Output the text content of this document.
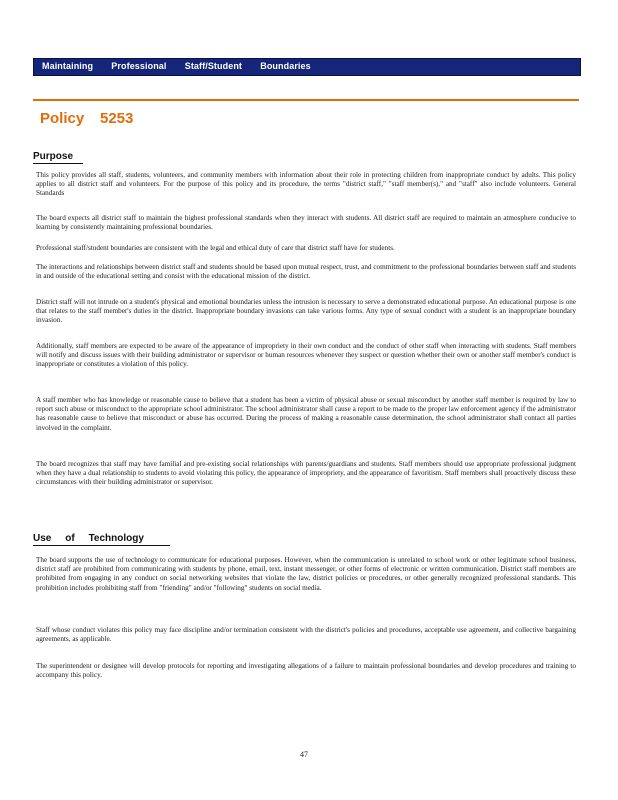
Maintaining       Professional       Staff/Student       Boundaries
Policy 5253
Purpose

This policy provides all staff, students, volunteers, and community members with information about their role in protecting children from inappropriate conduct by adults. This policy applies to all district staff and volunteers. For the purpose of this policy and its procedure, the terms "district staff," "staff member(s)," and "staff" also include volunteers. General Standards

The board expects all district staff to maintain the highest professional standards when they interact with students. All district staff are required to maintain an atmosphere conducive to learning by consistently maintaining professional boundaries.

Professional staff/student boundaries are consistent with the legal and ethical duty of care that district staff have for students.

The interactions and relationships between district staff and students should be based upon mutual respect, trust, and commitment to the professional boundaries between staff and students in and outside of the educational setting and consist with the educational mission of the district.

District staff will not intrude on a student's physical and emotional boundaries unless the intrusion is necessary to serve a demonstrated educational purpose. An educational purpose is one that relates to the staff member's duties in the district. Inappropriate boundary invasions can take various forms. Any type of sexual conduct with a student is an inappropriate boundary invasion.

Additionally, staff members are expected to be aware of the appearance of impropriety in their own conduct and the conduct of other staff when interacting with students. Staff members will notify and discuss issues with their building administrator or supervisor or human resources whenever they suspect or question whether their own or another staff member's conduct is inappropriate or constitutes a violation of this policy.

A staff member who has knowledge or reasonable cause to believe that a student has been a victim of physical abuse or sexual misconduct by another staff member is required by law to report such abuse or misconduct to the appropriate school administrator. The school administrator shall cause a report to be made to the proper law enforcement agency if the administrator has reasonable cause to believe that misconduct or abuse has occurred. During the process of making a reasonable cause determination, the school administrator shall contact all parties involved in the complaint.

The board recognizes that staff may have familial and pre-existing social relationships with parents/guardians and students. Staff members should use appropriate professional judgment when they have a dual relationship to students to avoid violating this policy, the appearance of impropriety, and the appearance of favoritism. Staff members shall proactively discuss these circumstances with their building administrator or supervisor.

Use     of     Technology

The board supports the use of technology to communicate for educational purposes. However, when the communication is unrelated to school work or other legitimate school business, district staff are prohibited from communicating with students by phone, email, text, instant messenger, or other forms of electronic or written communication. District staff members are prohibited from engaging in any conduct on social networking websites that violate the law, district policies or procedures, or other generally recognized professional standards. This prohibition includes prohibiting staff from "friending" and/or "following" students on social media.

Staff whose conduct violates this policy may face discipline and/or termination consistent with the district's policies and procedures, acceptable use agreement, and collective bargaining agreements, as applicable.

The superintendent or designee will develop protocols for reporting and investigating allegations of a failure to maintain professional boundaries and develop procedures and training to accompany this policy.

47
